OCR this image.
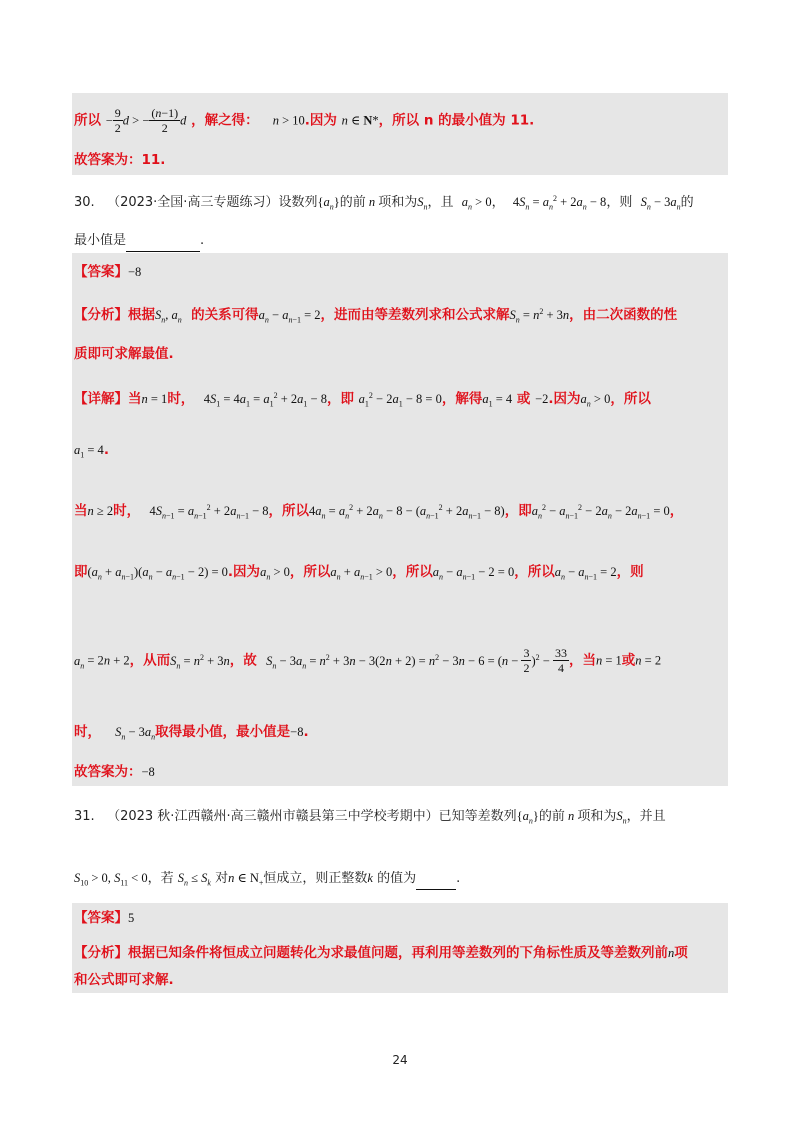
所以 − $\frac{9}{2}$ d > − $\frac{(n-1)}{2}$ d ，解之得： n > 10.因为 n ∈ N*，所以 n 的最小值为 11.
故答案为：11.
30. （2023·全国·高三专题练习）设数列$\{a_n\}$的前 n 项和为$S_n$，且 $a_n > 0$， $4S_n = a_n^2 + 2a_n - 8$，则 $S_n - 3a_n$的
最小值是	.
【答案】−8
【分析】根据$S_n$, $a_n$ 的关系可得$a_n - a_{n-1} = 2$，进而由等差数列求和公式求解$S_n = n^2 + 3n$，由二次函数的性
质即可求解最值.
【详解】当n = 1时， $4S_1 = 4a_1 = a_1^2 + 2a_1 - 8$，即 $a_1^2 - 2a_1 - 8 = 0$，解得$a_1 = 4$ 或 −2.因为$a_n > 0$，所以
$a_1 = 4$.
当n ≥ 2时， $4S_{n-1} = a_{n-1}^2 + 2a_{n-1} - 8$，所以$4a_n = a_n^2 + 2a_n - 8 - (a_{n-1}^2 + 2a_{n-1} - 8)$，即$a_n^2 - a_{n-1}^2 - 2a_n - 2a_{n-1} = 0$，
即$(a_n + a_{n-1})(a_n - a_{n-1} - 2) = 0$.因为$a_n > 0$，所以$a_n + a_{n-1} > 0$，所以$a_n - a_{n-1} - 2 = 0$，所以$a_n - a_{n-1} = 2$，则
$a_n = 2n + 2$，从而$S_n = n^2 + 3n$，故 $S_n - 3a_n = n^2 + 3n - 3(2n + 2) = n^2 - 3n - 6 = (n - \frac{3}{2} )^2 - \frac{33}{4}$ ，当n = 1或n = 2
时， $S_n - 3a_n$取得最小值，最小值是−8.
故答案为：−8
31. （2023 秋·江西赣州·高三赣州市赣县第三中学校考期中）已知等差数列$\{a_n\}$的前 n 项和为$S_n$，并且
$S_{10} > 0$, $S_{11} < 0$，若 $S_n \le S_k$ 对n ∈ $N_+$恒成立，则正整数k 的值为	.
【答案】5
【分析】根据已知条件将恒成立问题转化为求最值问题，再利用等差数列的下角标性质及等差数列前n项
和公式即可求解.
24
